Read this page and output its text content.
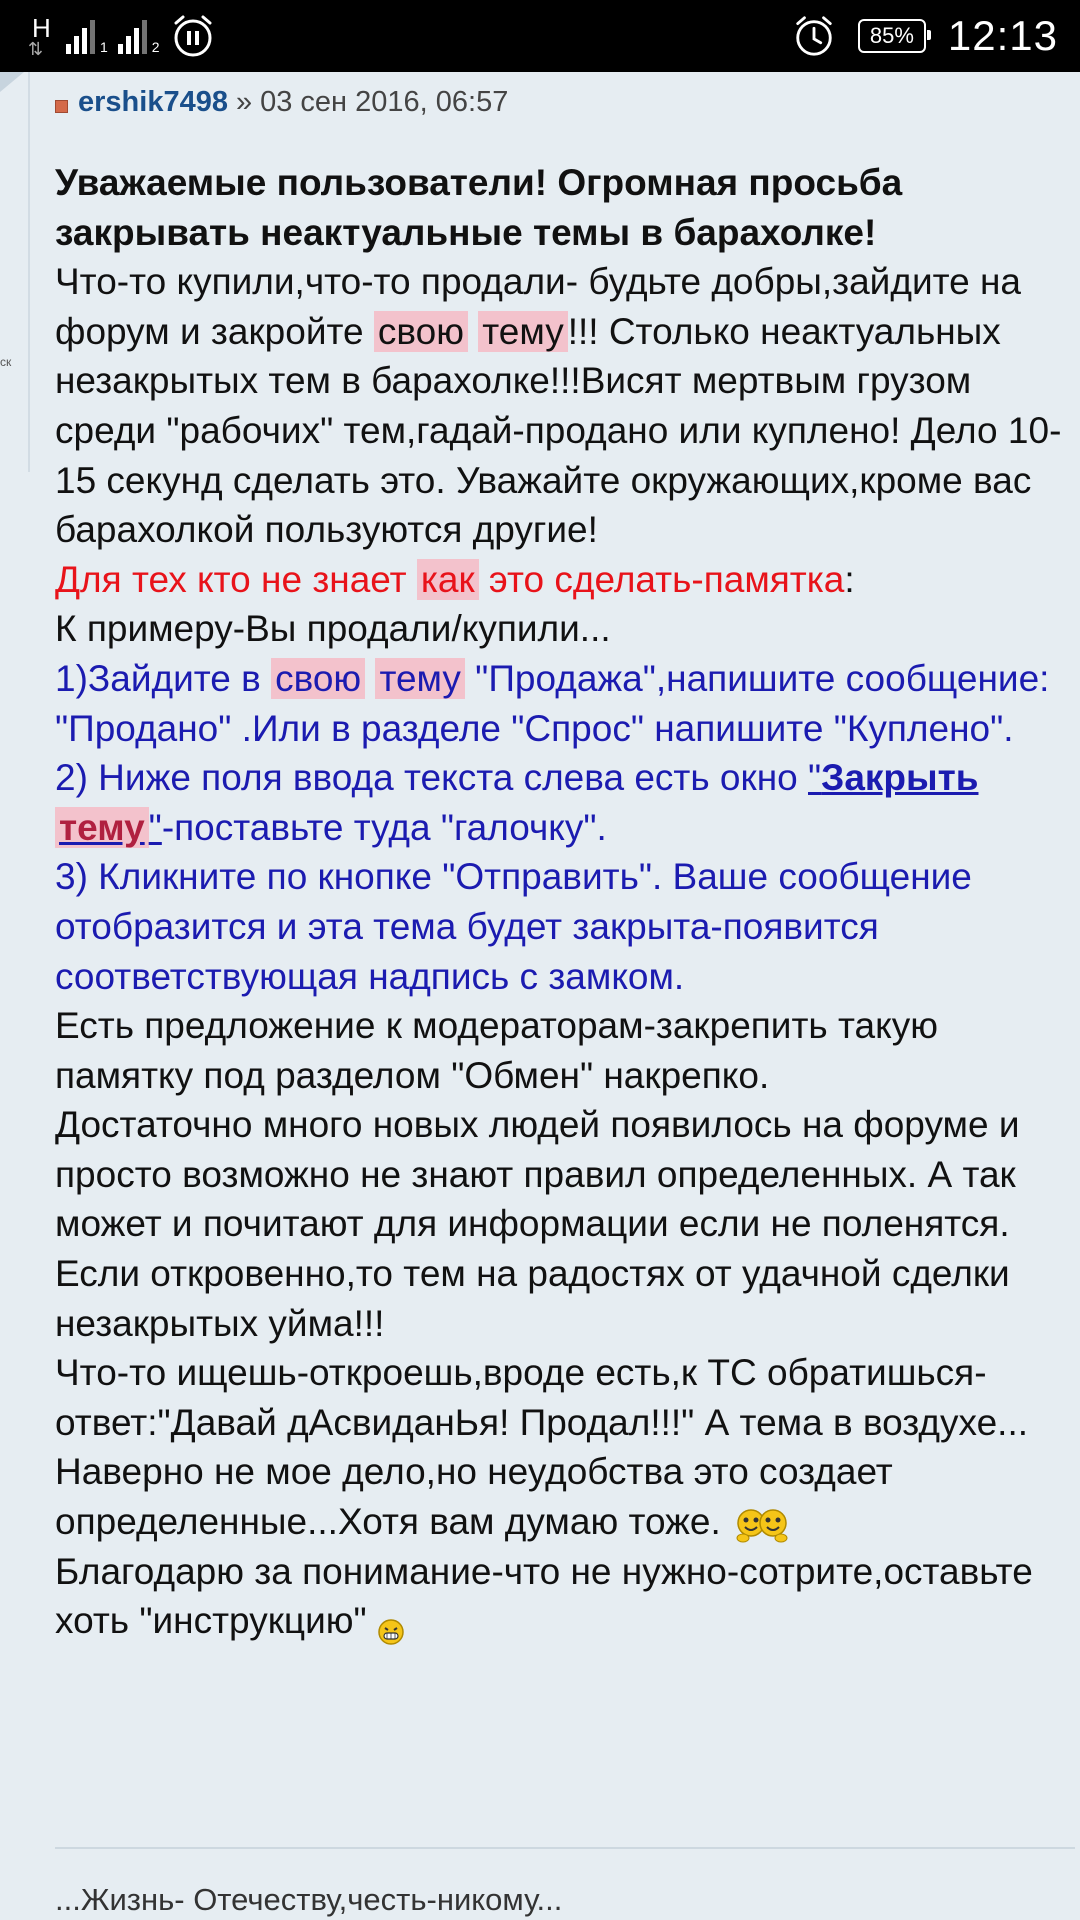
H
⇅	1	2	85% 12:13
ск
ershik7498 » 03 сен 2016, 06:57

Уважаемые пользователи! Огромная просьба
закрывать неактуальные темы в барахолке!

Что-то купили,что-то продали- будьте добры,зайдите на форум и закройте свою тему !!! Столько неактуальных незакрытых тем в барахолке!!!Висят мертвым грузом среди "рабочих" тем,гадай-продано или куплено! Дело 10-15 секунд сделать это. Уважайте окружающих,кроме вас барахолкой пользуются другие!

Для тех кто не знает как это сделать-памятка:

К примеру-Вы продали/купили...

1)Зайдите в свою тему "Продажа",напишите сообщение: "Продано" .Или в разделе "Спрос" напишите "Куплено".

2) Ниже поля ввода текста слева есть окно "Закрыть тему "-поставьте туда "галочку".

3) Кликните по кнопке "Отправить". Ваше сообщение отобразится и эта тема будет закрыта-появится соответствующая надпись с замком.

Есть предложение к модераторам-закрепить такую памятку под разделом "Обмен" накрепко.

Достаточно много новых людей появилось на форуме и просто возможно не знают правил определенных. А так может и почитают для информации если не поленятся. Если откровенно,то тем на радостях от удачной сделки незакрытых уйма!!!

Что-то ищешь-откроешь,вроде есть,к ТС обратишься-ответ:"Давай дАсвиданЬя! Продал!!!" А тема в воздухе...

Наверно не мое дело,но неудобства это создает определенные...Хотя вам думаю тоже.

Благодарю за понимание-что не нужно-сотрите,оставьте хоть "инструкцию"

...Жизнь- Отечеству,честь-никому...
